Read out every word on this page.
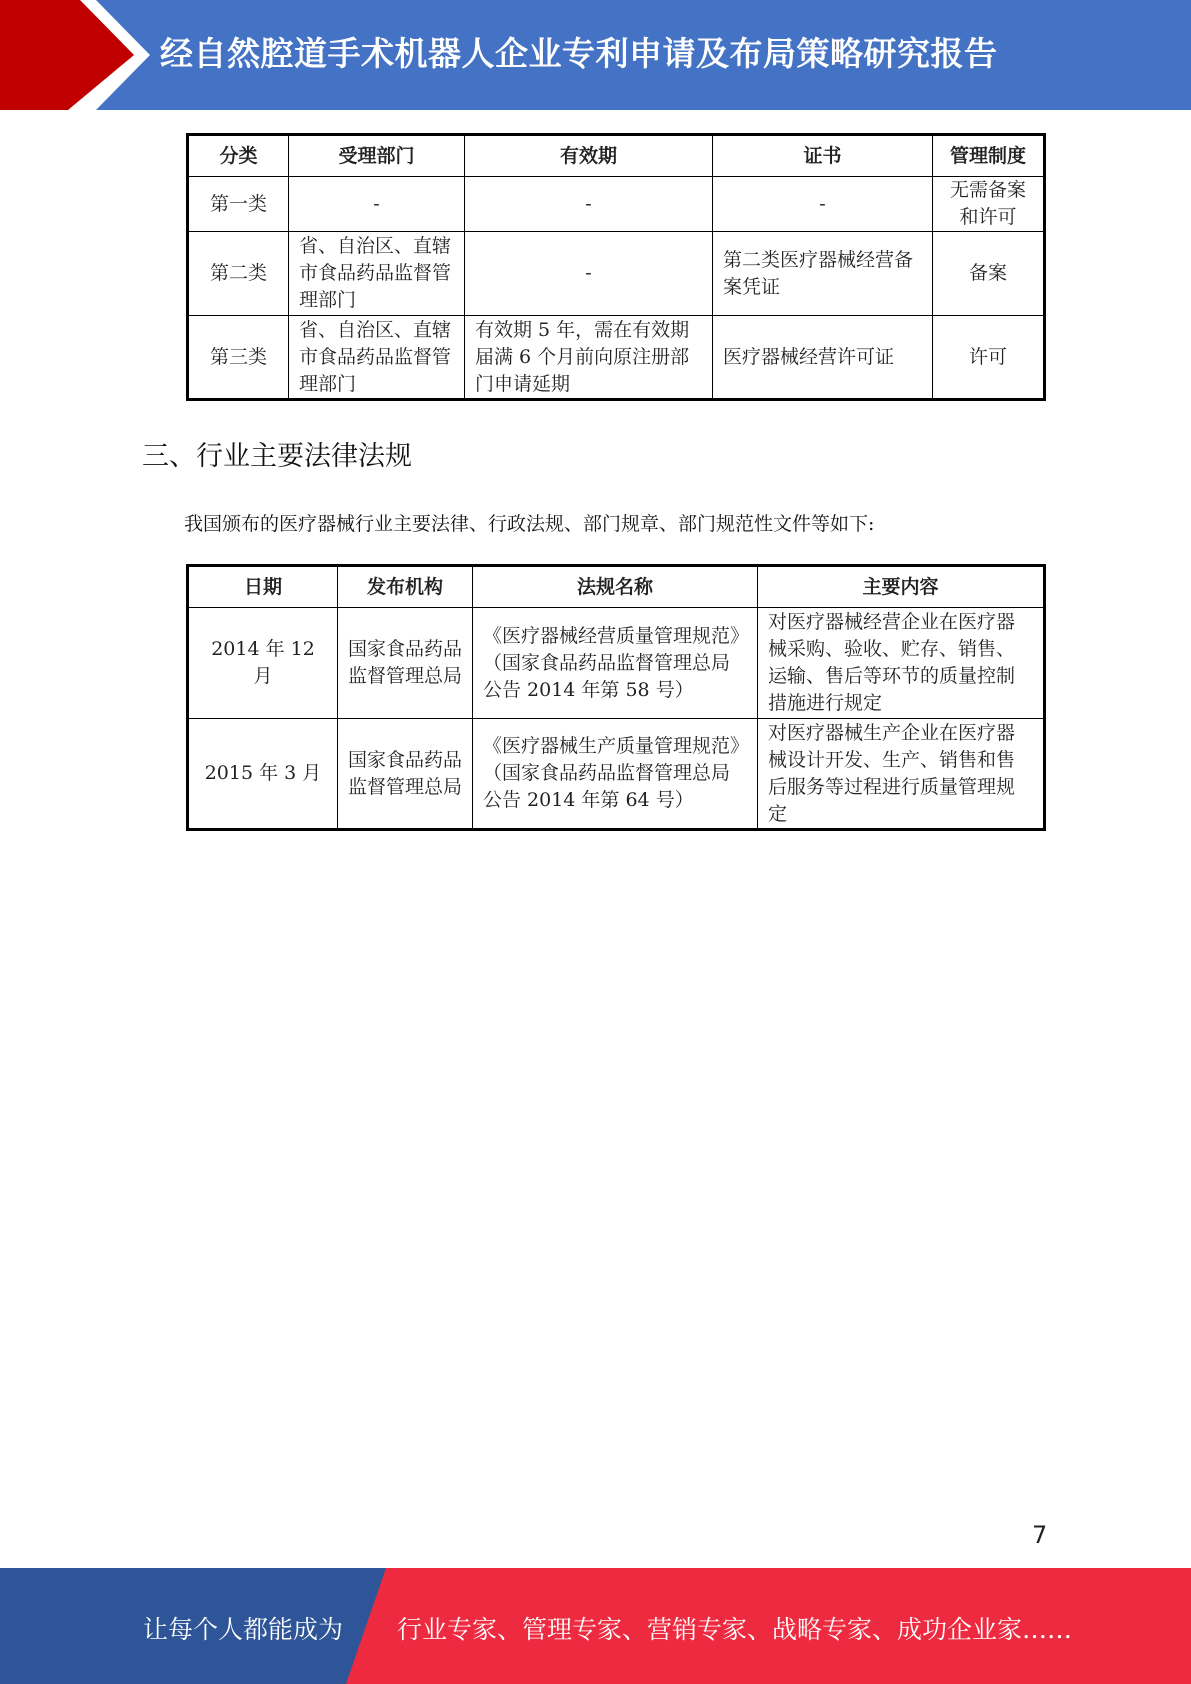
经自然腔道手术机器人企业专利申请及布局策略研究报告
分类	受理部门	有效期	证书	管理制度
第一类	-	-	-	无需备案和许可
第二类	省、自治区、直辖市食品药品监督管理部门	-	第二类医疗器械经营备案凭证	备案
第三类	省、自治区、直辖市食品药品监督管理部门	有效期 5 年，需在有效期届满 6 个月前向原注册部门申请延期	医疗器械经营许可证	许可
三、行业主要法律法规
我国颁布的医疗器械行业主要法律、行政法规、部门规章、部门规范性文件等如下:
日期	发布机构	法规名称	主要内容
2014 年 12 月	国家食品药品监督管理总局	《医疗器械经营质量管理规范》（国家食品药品监督管理总局公告 2014 年第 58 号）	对医疗器械经营企业在医疗器械采购、验收、贮存、销售、运输、售后等环节的质量控制措施进行规定
2015 年 3 月	国家食品药品监督管理总局	《医疗器械生产质量管理规范》（国家食品药品监督管理总局公告 2014 年第 64 号）	对医疗器械生产企业在医疗器械设计开发、生产、销售和售后服务等过程进行质量管理规定
7
让每个人都能成为 行业专家、管理专家、营销专家、战略专家、成功企业家……
